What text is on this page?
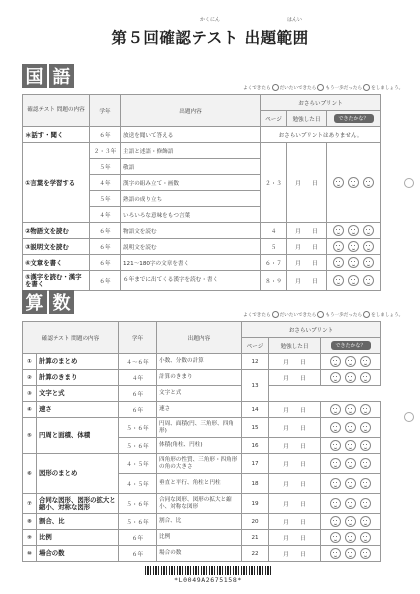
かくにん	はんい
第５回確認テスト 出題範囲
国 語
よくできたら だいたいできたら もう一歩だったら をしましょう。
確認テスト 問題の内容	学年	出題内容	おさらいプリント		
			ページ	勉強した日	できたかな？
＊話す・聞く	６年	放送を聞いて答える	おさらいプリントはありません。		
①言葉を学習する	２・３年	主語と述語・修飾語	２・３	月　　 日	
	５年	敬語			
	４年	漢字の組み立て・画数			
	５年	熟語の成り立ち			
	４年	いろいろな意味をもつ言葉			
②物語文を読む	６年	物語文を読む	４	月　　 日	
③説明文を読む	６年	説明文を読む	５	月　　 日	
④文章を書く	６年	121〜180字の文章を書く	６・７	月　　 日	
⑤漢字を読む・漢字を書く	６年	６年までに出てくる漢字を読む・書く	８・９	月　　 日	
算 数
よくできたら だいたいできたら もう一歩だったら をしましょう。
確認テスト 問題の内容		学年	出題内容	おさらいプリント		
				ページ	勉強した日	できたかな？
①	計算のまとめ	４〜６年	小数、分数の計算	12	月　　 日	
②	計算のきまり	４年	計算のきまり	13	月　　 日	
③	文字と式	６年	文字と式			
④	速さ	６年	速さ	14	月　　 日	
⑤	円周と面積、体積	５・６年	円周、面積(円、三角形、四角形)	15	月　　 日	
		５・６年	体積(角柱、円柱)	16	月　　 日	
⑥	図形のまとめ	４・５年	四角形の性質、三角形・四角形の角の大きさ	17	月　　 日	
		４・５年	垂直と平行、角柱と円柱	18	月　　 日	
⑦	合同な図形、図形の拡大と縮小、対称な図形	５・６年	合同な図形、図形の拡大と縮小、対称な図形	19	月　　 日	
⑧	割合、比	５・６年	割合、比	20	月　　 日	
⑨	比例	６年	比例	21	月　　 日	
⑩	場合の数	６年	場合の数	22	月　　 日	
*L0049A2675158*
